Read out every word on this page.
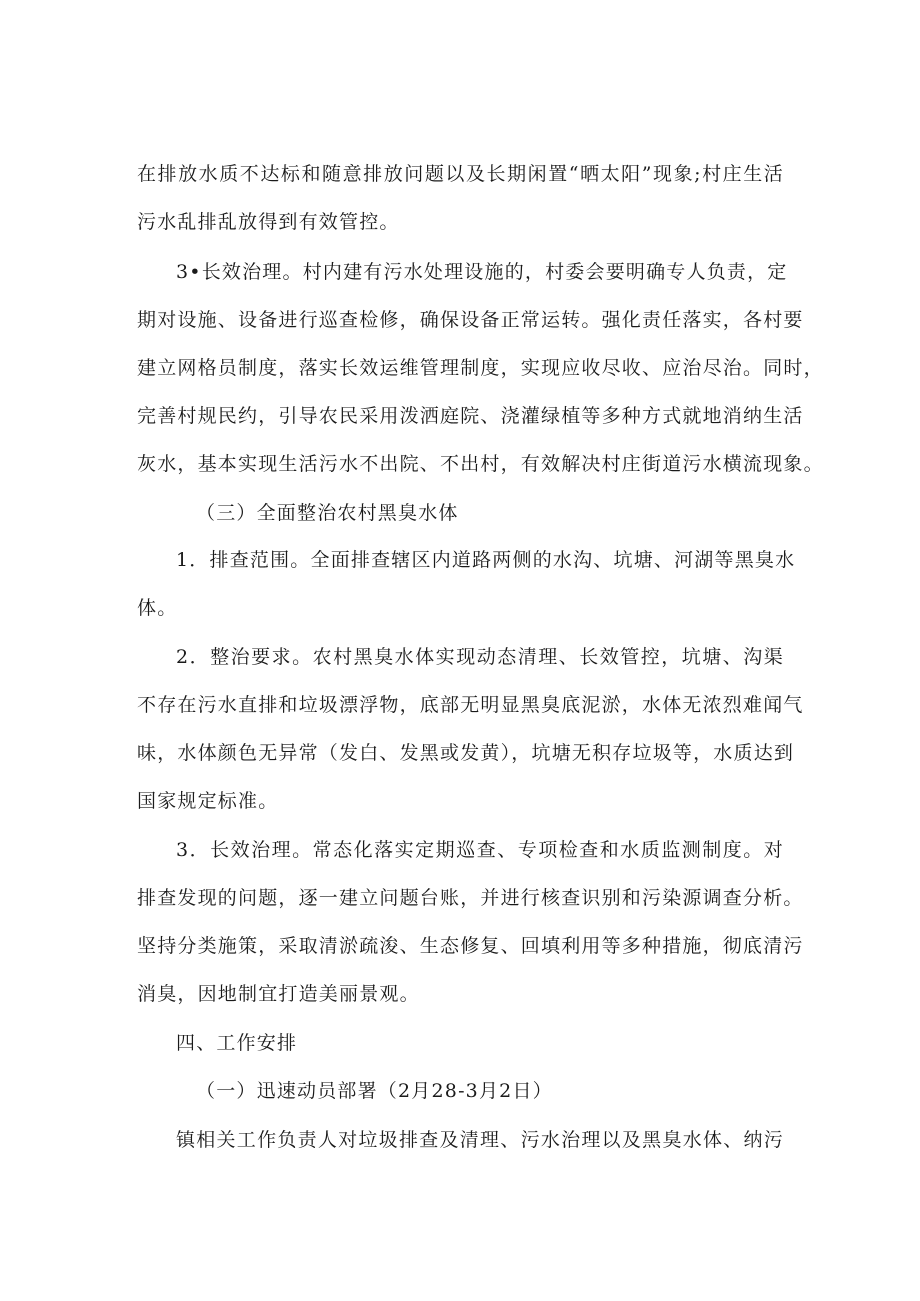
在排放水质不达标和随意排放问题以及长期闲置“晒太阳”现象;村庄生活
污水乱排乱放得到有效管控。
3•长效治理。村内建有污水处理设施的，村委会要明确专人负责，定
期对设施、设备进行巡查检修，确保设备正常运转。强化责任落实，各村要
建立网格员制度，落实长效运维管理制度，实现应收尽收、应治尽治。同时，
完善村规民约，引导农民采用泼洒庭院、浇灌绿植等多种方式就地消纳生活
灰水，基本实现生活污水不出院、不出村，有效解决村庄街道污水横流现象。
（三）全面整治农村黑臭水体
1．排查范围。全面排查辖区内道路两侧的水沟、坑塘、河湖等黑臭水
体。
2．整治要求。农村黑臭水体实现动态清理、长效管控，坑塘、沟渠
不存在污水直排和垃圾漂浮物，底部无明显黑臭底泥淤，水体无浓烈难闻气
味，水体颜色无异常（发白、发黑或发黄），坑塘无积存垃圾等，水质达到
国家规定标准。
3．长效治理。常态化落实定期巡查、专项检查和水质监测制度。对
排查发现的问题，逐一建立问题台账，并进行核查识别和污染源调查分析。
坚持分类施策，采取清淤疏浚、生态修复、回填利用等多种措施，彻底清污
消臭，因地制宜打造美丽景观。
四、工作安排
（一）迅速动员部署（2月28-3月2日）
镇相关工作负责人对垃圾排查及清理、污水治理以及黑臭水体、纳污
